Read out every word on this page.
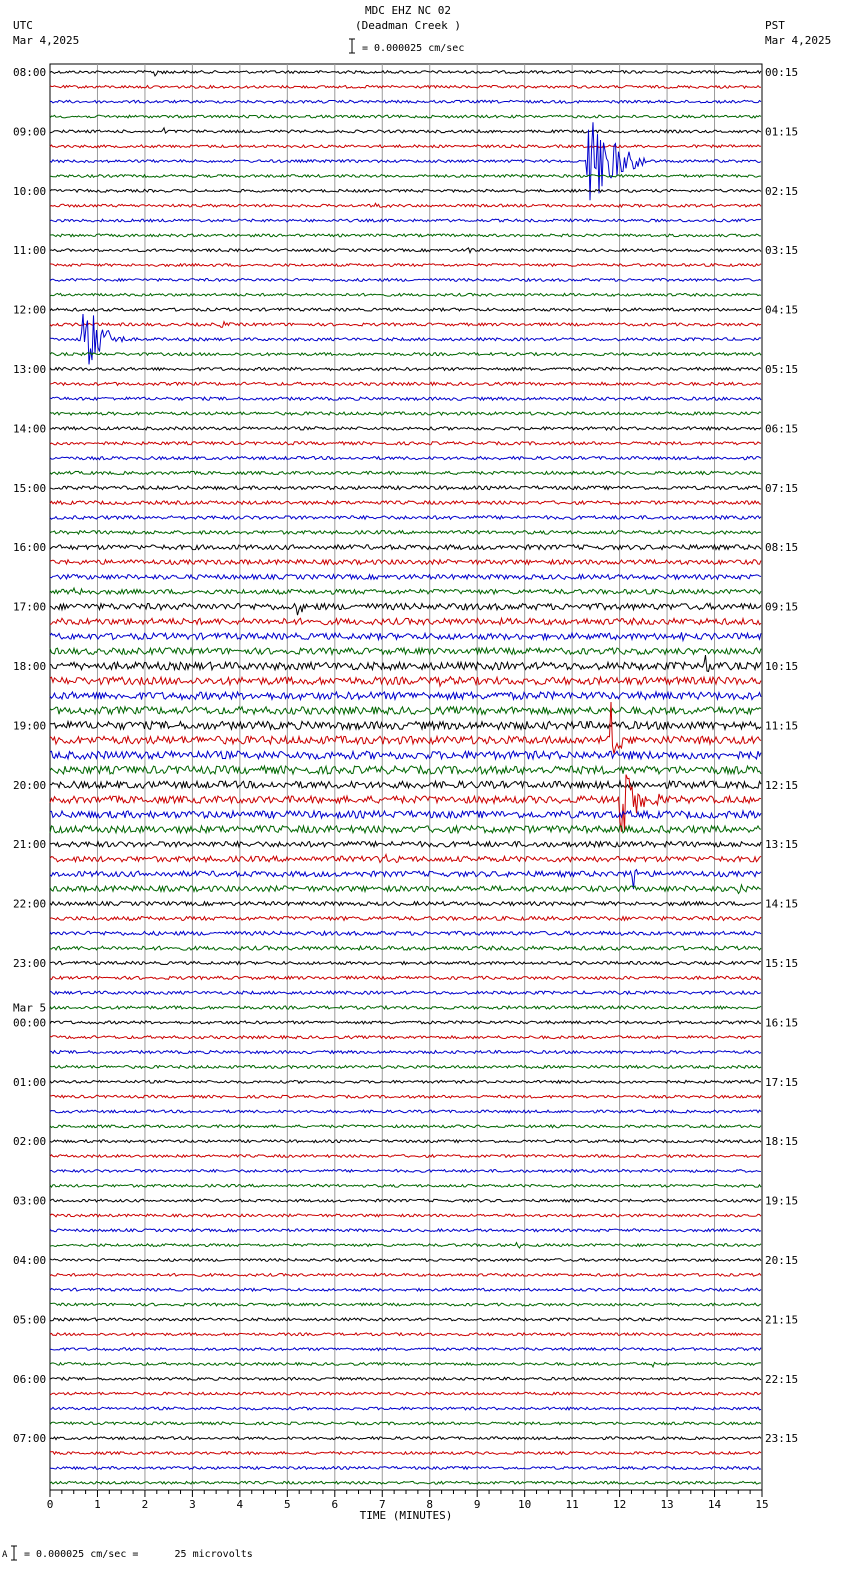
MDC EHZ NC 02
(Deadman Creek )
UTC
Mar 4,2025
PST
Mar 4,2025
= 0.000025 cm/sec
08:00	00:15
09:00	01:15
10:00	02:15
11:00	03:15
12:00	04:15
13:00	05:15
14:00	06:15
15:00	07:15
16:00	08:15
17:00	09:15
18:00	10:15
19:00	11:15
20:00	12:15
21:00	13:15
22:00	14:15
23:00	15:15
00:00	16:15
01:00	17:15
02:00	18:15
03:00	19:15
04:00	20:15
05:00	21:15
06:00	22:15
07:00	23:15
Mar 5
0	1	2	3	4	5	6	7	8	9	10	11	12	13	14	15
TIME (MINUTES)
A = 0.000025 cm/sec =      25 microvolts
